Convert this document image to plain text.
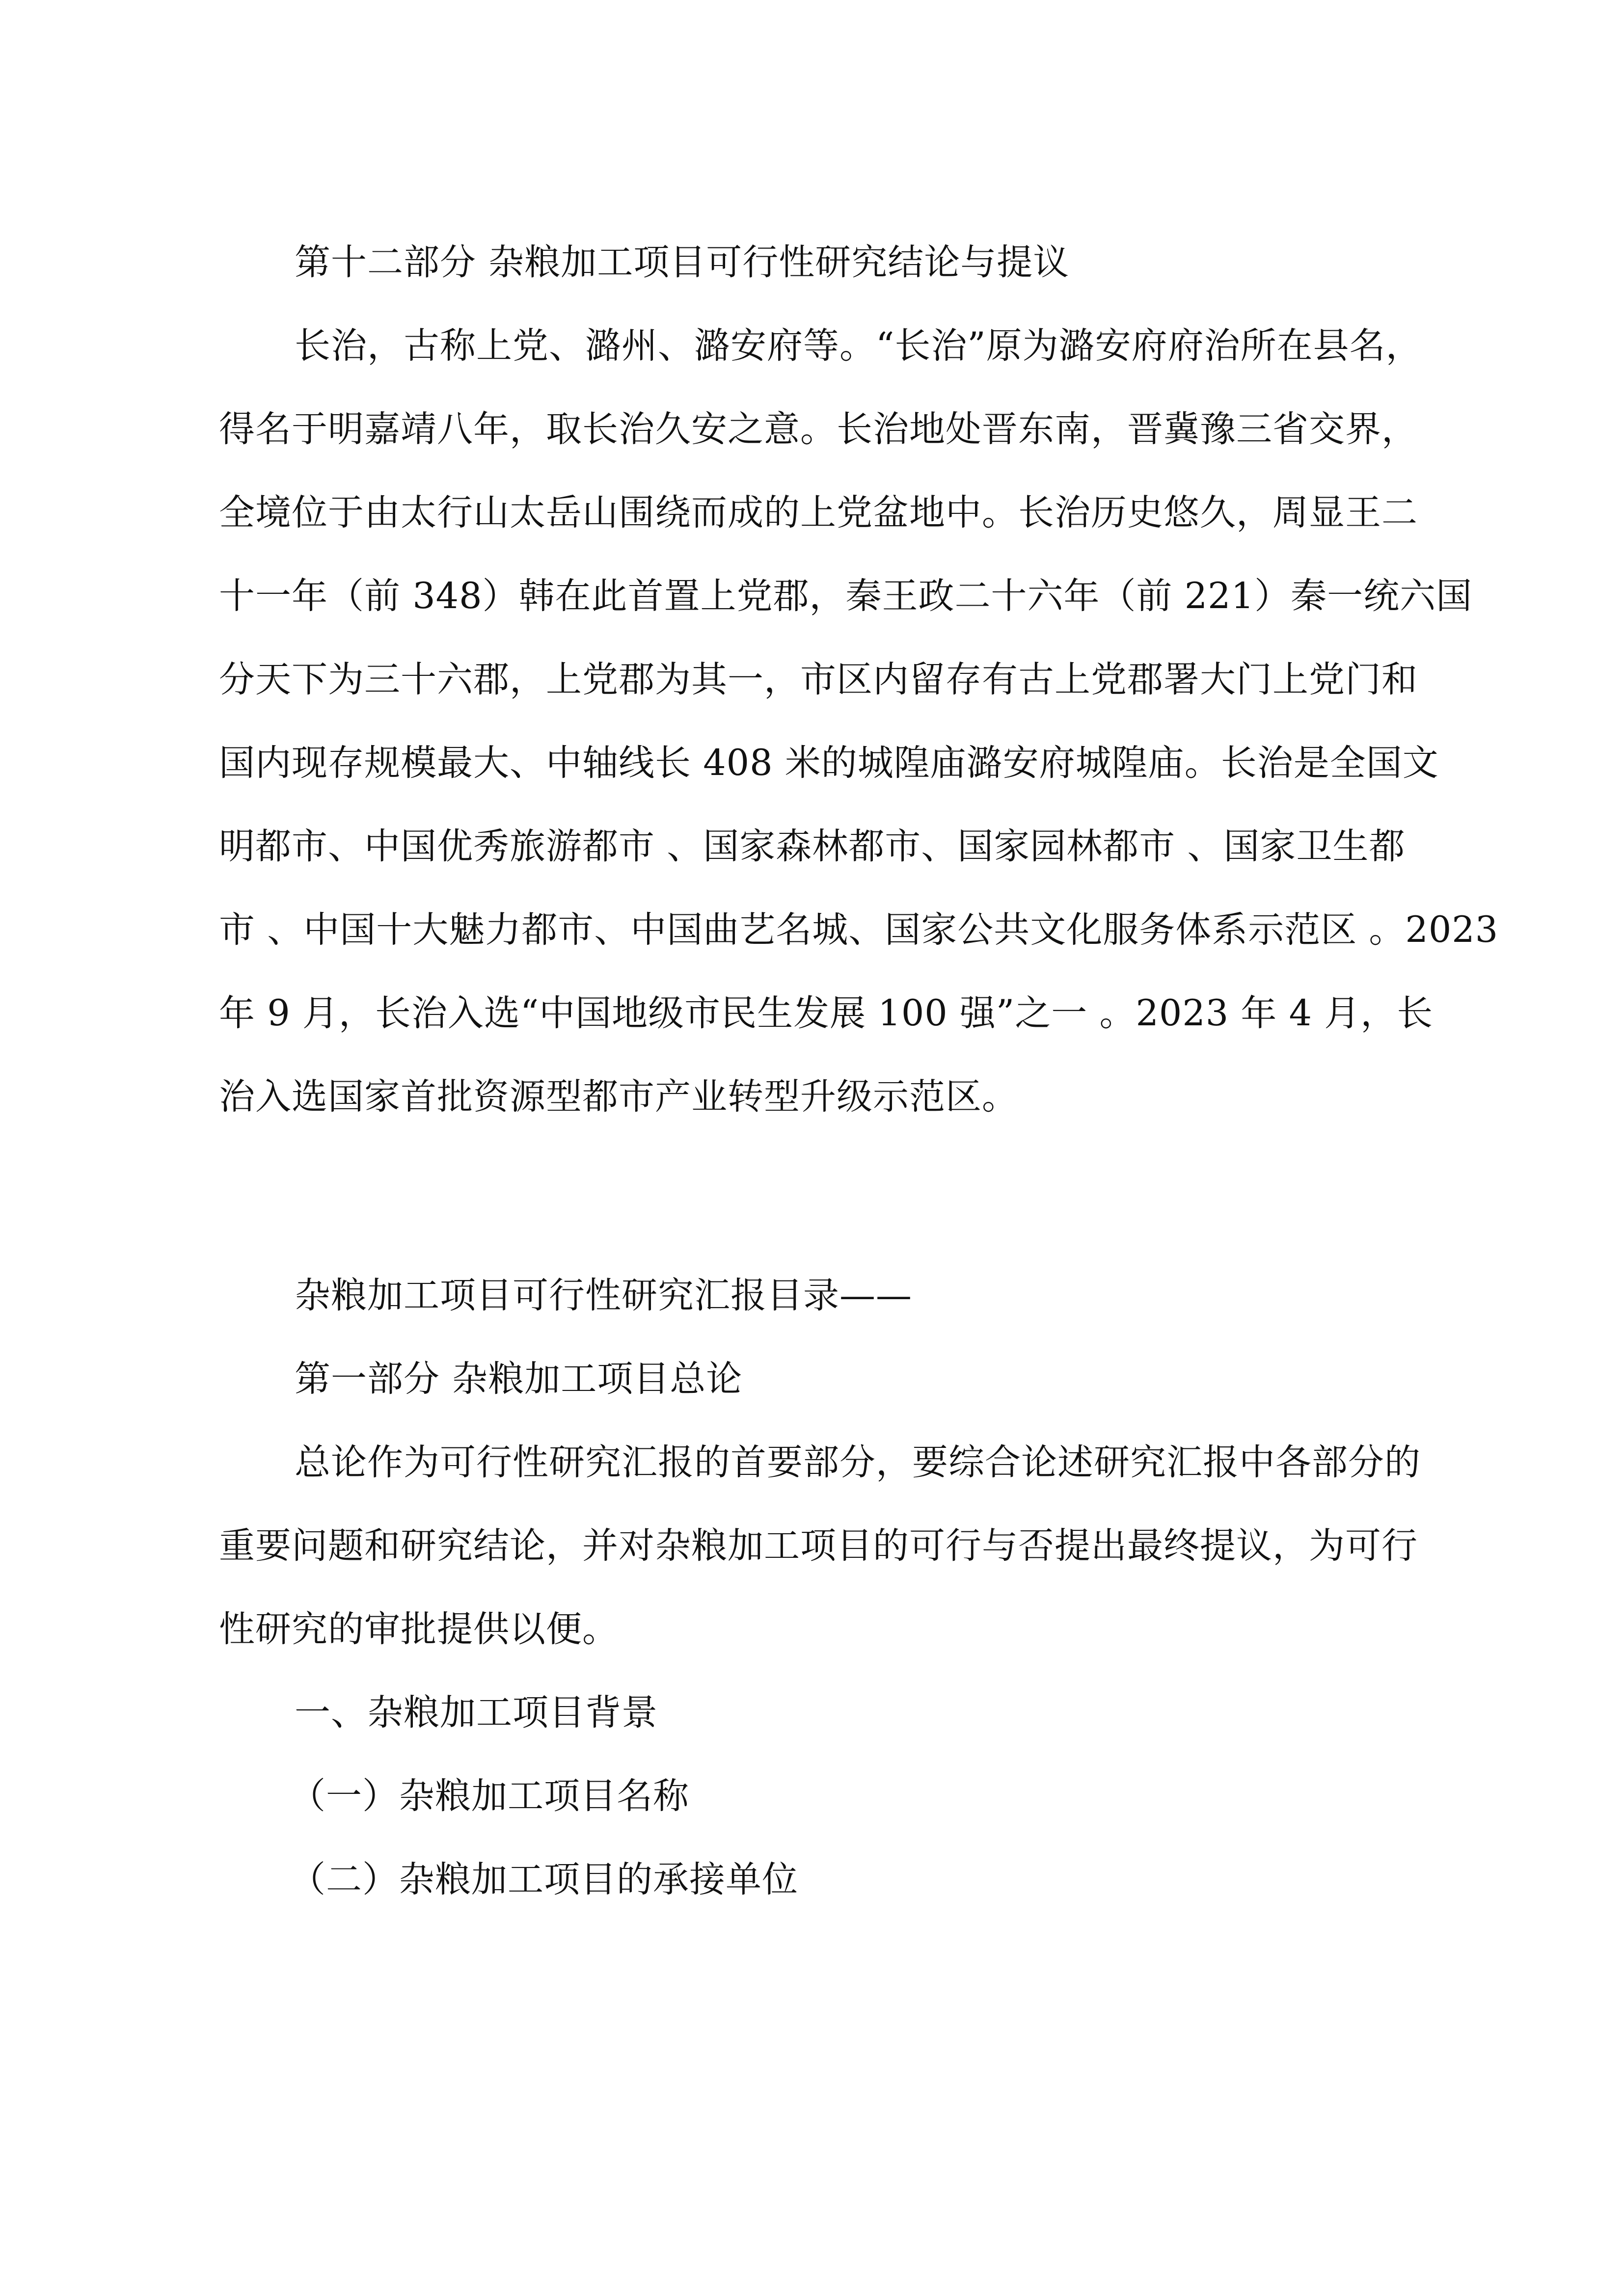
第十二部分 杂粮加工项目可行性研究结论与提议
长治，古称上党、潞州、潞安府等。“长治”原为潞安府府治所在县名，
得名于明嘉靖八年，取长治久安之意。长治地处晋东南，晋冀豫三省交界，
全境位于由太行山太岳山围绕而成的上党盆地中。长治历史悠久，周显王二
十一年（前 348）韩在此首置上党郡，秦王政二十六年（前 221）秦一统六国
分天下为三十六郡，上党郡为其一，市区内留存有古上党郡署大门上党门和
国内现存规模最大、中轴线长 408 米的城隍庙潞安府城隍庙。长治是全国文
明都市、中国优秀旅游都市 、国家森林都市、国家园林都市 、国家卫生都
市 、中国十大魅力都市、中国曲艺名城、国家公共文化服务体系示范区 。2023
年 9 月，长治入选“中国地级市民生发展 100 强”之一 。2023 年 4 月，长
治入选国家首批资源型都市产业转型升级示范区。
杂粮加工项目可行性研究汇报目录——
第一部分 杂粮加工项目总论
总论作为可行性研究汇报的首要部分，要综合论述研究汇报中各部分的
重要问题和研究结论，并对杂粮加工项目的可行与否提出最终提议，为可行
性研究的审批提供以便。
一、杂粮加工项目背景
（一）杂粮加工项目名称
（二）杂粮加工项目的承接单位
